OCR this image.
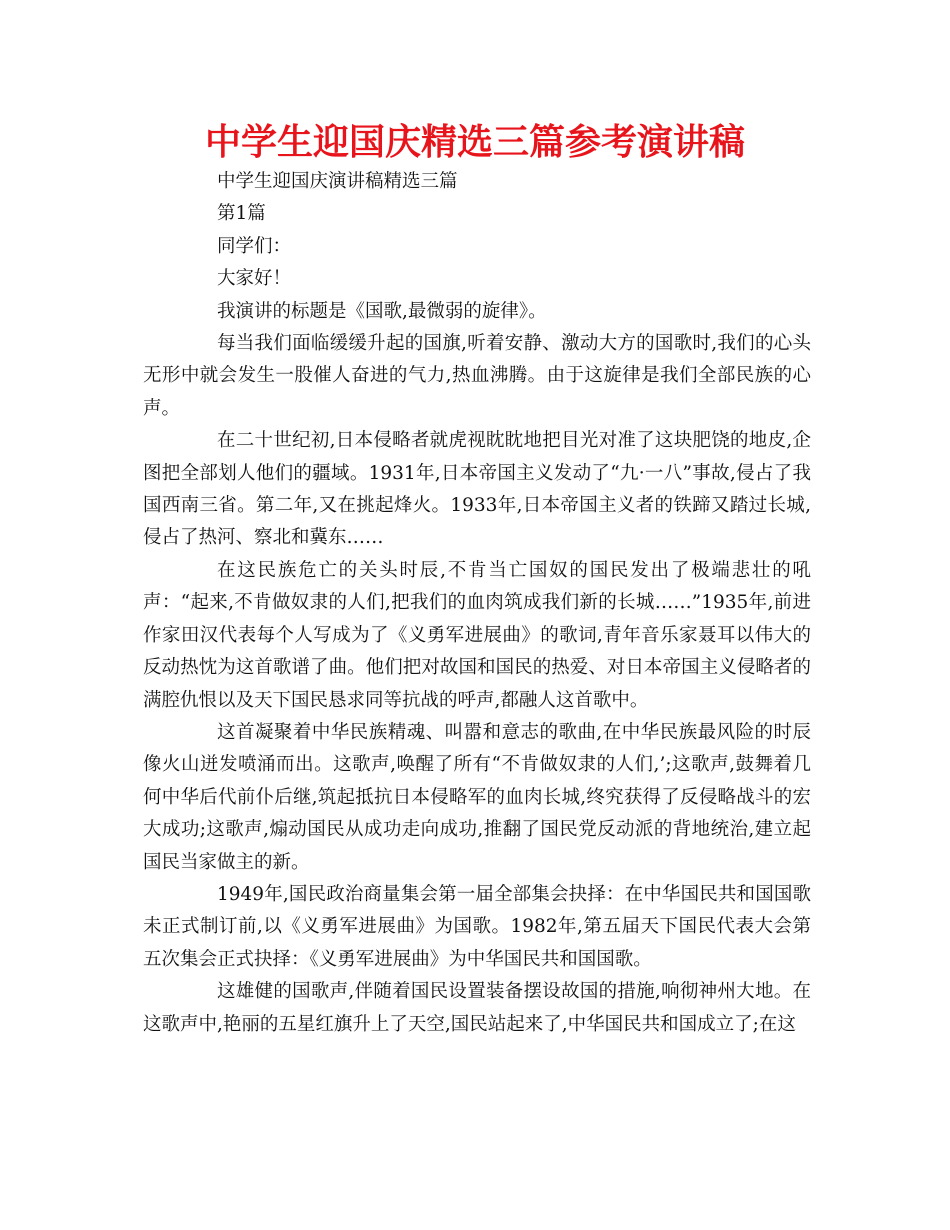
中学生迎国庆精选三篇参考演讲稿

中学生迎国庆演讲稿精选三篇

第1篇

同学们：

大家好！

我演讲的标题是《国歌,最微弱的旋律》。

每当我们面临缓缓升起的国旗,听着安静、激动大方的国歌时,我们的心头无形中就会发生一股催人奋进的气力,热血沸腾。由于这旋律是我们全部民族的心声。

在二十世纪初,日本侵略者就虎视眈眈地把目光对准了这块肥饶的地皮,企图把全部划人他们的疆域。1931年,日本帝国主义发动了“九·一八”事故,侵占了我国西南三省。第二年,又在挑起烽火。1933年,日本帝国主义者的铁蹄又踏过长城,侵占了热河、察北和冀东……

在这民族危亡的关头时辰,不肯当亡国奴的国民发出了极端悲壮的吼声：“起来,不肯做奴隶的人们,把我们的血肉筑成我们新的长城……”1935年,前进作家田汉代表每个人写成为了《义勇军进展曲》的歌词,青年音乐家聂耳以伟大的反动热忱为这首歌谱了曲。他们把对故国和国民的热爱、对日本帝国主义侵略者的满腔仇恨以及天下国民恳求同等抗战的呼声,都融人这首歌中。

这首凝聚着中华民族精魂、叫嚣和意志的歌曲,在中华民族最风险的时辰像火山迸发喷涌而出。这歌声,唤醒了所有“不肯做奴隶的人们,’;这歌声,鼓舞着几何中华后代前仆后继,筑起抵抗日本侵略军的血肉长城,终究获得了反侵略战斗的宏大成功;这歌声,煽动国民从成功走向成功,推翻了国民党反动派的背地统治,建立起国民当家做主的新。

1949年,国民政治商量集会第一届全部集会抉择：在中华国民共和国国歌未正式制订前,以《义勇军进展曲》为国歌。1982年,第五届天下国民代表大会第五次集会正式抉择：《义勇军进展曲》为中华国民共和国国歌。

这雄健的国歌声,伴随着国民设置装备摆设故国的措施,响彻神州大地。在这歌声中,艳丽的五星红旗升上了天空,国民站起来了,中华国民共和国成立了;在这
